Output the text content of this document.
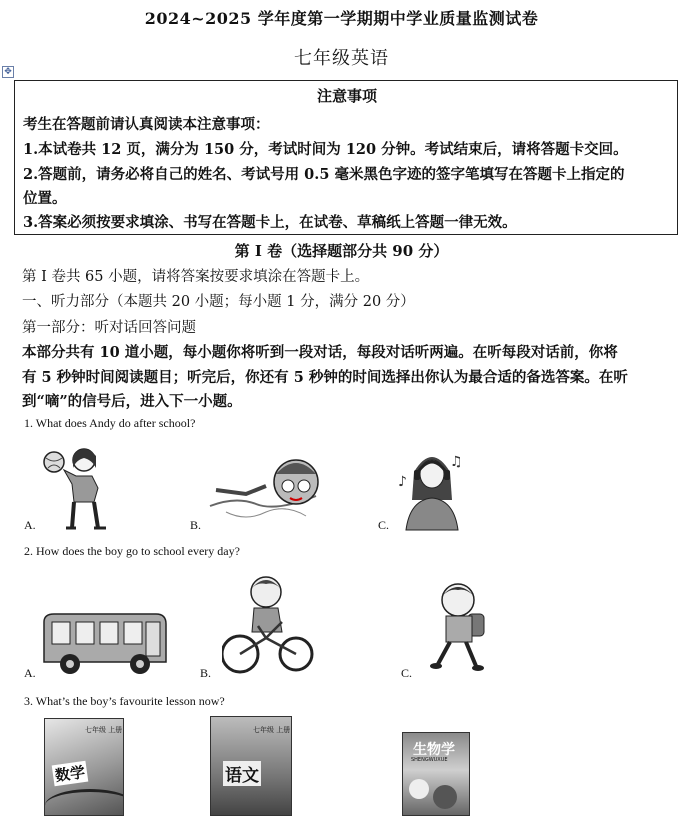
2024~2025 学年度第一学期期中学业质量监测试卷
七年级英语
✥
注意事项
考生在答题前请认真阅读本注意事项：
1.本试卷共 12 页，满分为 150 分，考试时间为 120 分钟。考试结束后，请将答题卡交回。
2.答题前，请务必将自己的姓名、考试号用 0.5 毫米黑色字迹的签字笔填写在答题卡上指定的
位置。
3.答案必须按要求填涂、书写在答题卡上，在试卷、草稿纸上答题一律无效。
第 Ⅰ 卷（选择题部分共 90 分）
第 Ⅰ 卷共 65 小题，请将答案按要求填涂在答题卡上。
一、听力部分（本题共 20 小题；每小题 1 分，满分 20 分）
第一部分：听对话回答问题
本部分共有 10 道小题，每小题你将听到一段对话，每段对话听两遍。在听每段对话前，你将
有 5 秒钟时间阅读题目；听完后，你还有 5 秒钟的时间选择出你认为最合适的备选答案。在听
到“嘀”的信号后，进入下一小题。
1. What does Andy do after school?
A.	B.	C.
♪
♫
2. How does the boy go to school every day?
A.	B.	C.
3. What’s the boy’s favourite lesson now?
七年级 上册
数学
七年级 上册
语文
生物学
SHENGWUXUE
